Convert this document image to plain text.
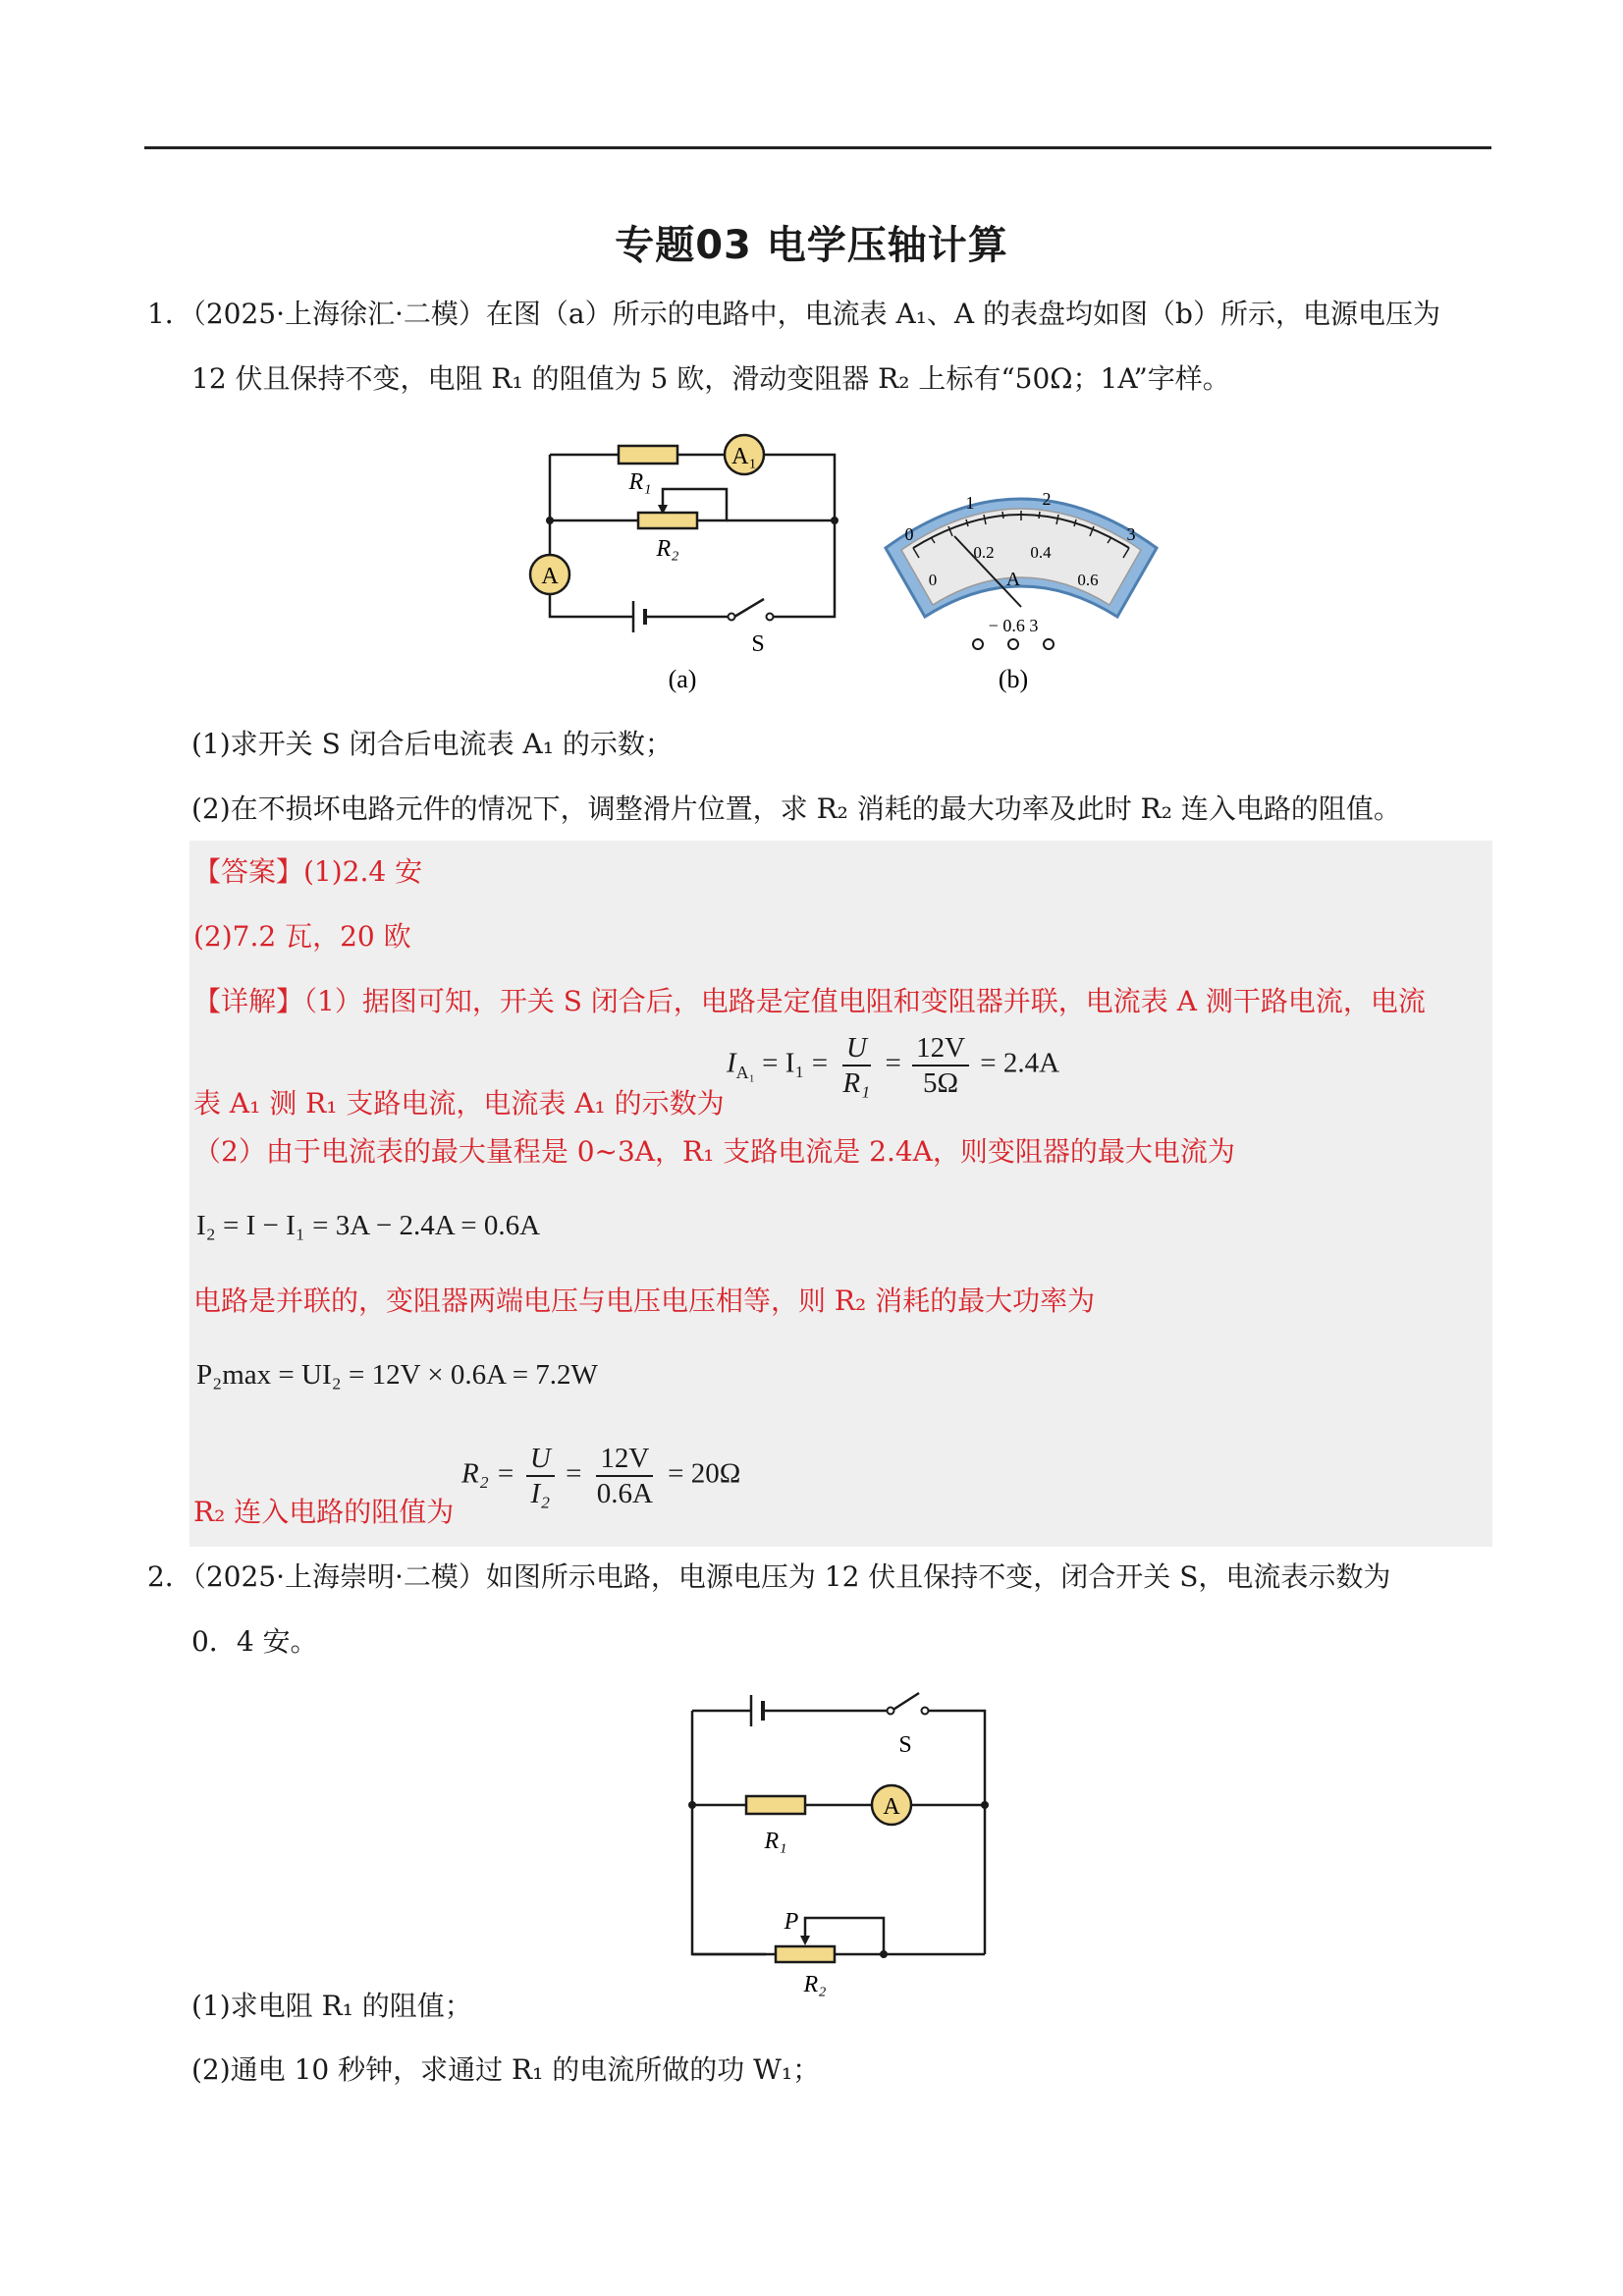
专题03 电学压轴计算
1．（2025·上海徐汇·二模）在图（a）所示的电路中，电流表 A₁、A 的表盘均如图（b）所示，电源电压为
12 伏且保持不变，电阻 R₁ 的阻值为 5 欧，滑动变阻器 R₂ 上标有“50Ω；1A”字样。
A₁
A
R₁
R₂
S
(a)
0
1	2
3
0
0.2 0.4
0.6
A
− 0.6 3
(b)
(1)求开关 S 闭合后电流表 A₁ 的示数；
(2)在不损坏电路元件的情况下，调整滑片位置，求 R₂ 消耗的最大功率及此时 R₂ 连入电路的阻值。
【答案】(1)2.4 安
(2)7.2 瓦，20 欧
【详解】（1）据图可知，开关 S 闭合后，电路是定值电阻和变阻器并联，电流表 A 测干路电流，电流
表 A₁ 测 R₁ 支路电流，电流表 A₁ 的示数为
$I_{A_1} = I_1 = \frac{U}{\text{R₁}} = \frac{12V}{5\Omega} = 2.4A$
（2）由于电流表的最大量程是 0~3A，R₁ 支路电流是 2.4A，则变阻器的最大电流为
I₂ = I − I₁ = 3A − 2.4A = 0.6A
电路是并联的，变阻器两端电压与电压电压相等，则 R₂ 消耗的最大功率为
P₂max = UI₂ = 12V × 0.6A = 7.2W
R₂ 连入电路的阻值为
$R_2 = \frac{U}{\text{I₂}} = \frac{12V}{0.6A} = 20\Omega$
2．（2025·上海崇明·二模）如图所示电路，电源电压为 12 伏且保持不变，闭合开关 S，电流表示数为
0．4 安。
S
A
R₁
P
R₂
(1)求电阻 R₁ 的阻值；
(2)通电 10 秒钟，求通过 R₁ 的电流所做的功 W₁；
